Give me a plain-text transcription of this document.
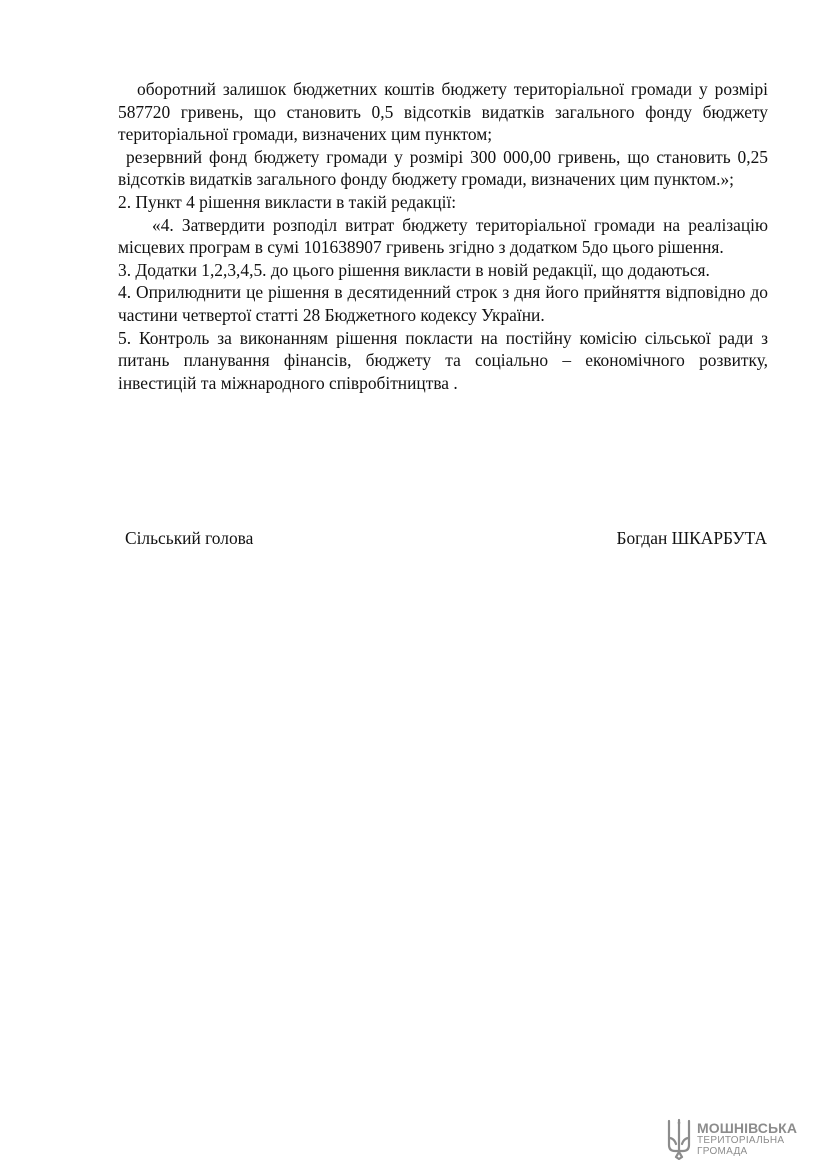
оборотний залишок бюджетних коштів бюджету територіальної громади у розмірі 587720 гривень, що становить 0,5 відсотків видатків загального фонду бюджету територіальної громади, визначених цим пунктом;

резервний фонд бюджету громади у розмірі 300 000,00 гривень, що становить 0,25 відсотків видатків загального фонду бюджету громади, визначених цим пунктом.»;

2. Пункт 4 рішення викласти в такій редакції:

«4. Затвердити розподіл витрат бюджету територіальної громади на реалізацію місцевих програм в сумі 101638907 гривень згідно з додатком 5до цього рішення.

3. Додатки 1,2,3,4,5. до цього рішення викласти в новій редакції, що додаються.

4. Оприлюднити це рішення в десятиденний строк з дня його прийняття відповідно до частини четвертої статті 28 Бюджетного кодексу України.

5. Контроль за виконанням рішення покласти на постійну комісію сільської ради з питань планування фінансів, бюджету та соціально – економічного розвитку, інвестицій та міжнародного співробітництва .

Сільський голова	Богдан ШКАРБУТА
МОШНІВСЬКА
ТЕРИТОРІАЛЬНА
ГРОМАДА
